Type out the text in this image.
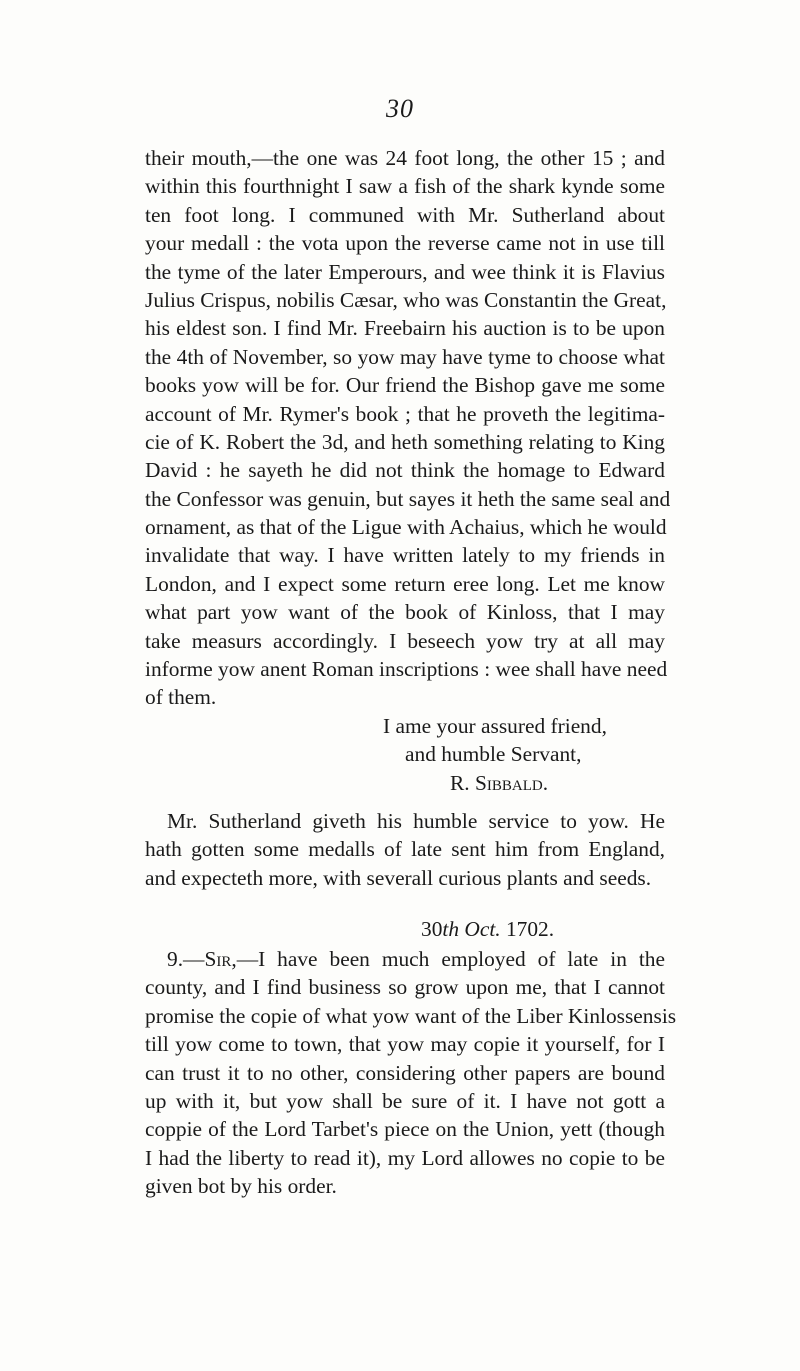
30
their mouth,—the one was 24 foot long, the other 15 ; and
within this fourthnight I saw a fish of the shark kynde some
ten foot long. I communed with Mr. Sutherland about
your medall : the vota upon the reverse came not in use till
the tyme of the later Emperours, and wee think it is Flavius
Julius Crispus, nobilis Cæsar, who was Constantin the Great,
his eldest son. I find Mr. Freebairn his auction is to be upon
the 4th of November, so yow may have tyme to choose what
books yow will be for. Our friend the Bishop gave me some
account of Mr. Rymer's book ; that he proveth the legitima-
cie of K. Robert the 3d, and heth something relating to King
David : he sayeth he did not think the homage to Edward
the Confessor was genuin, but sayes it heth the same seal and
ornament, as that of the Ligue with Achaius, which he would
invalidate that way. I have written lately to my friends in
London, and I expect some return eree long. Let me know
what part yow want of the book of Kinloss, that I may
take measurs accordingly. I beseech yow try at all may
informe yow anent Roman inscriptions : wee shall have need
of them.
I ame your assured friend,
and humble Servant,
R. Sibbald.
Mr. Sutherland giveth his humble service to yow. He
hath gotten some medalls of late sent him from England,
and expecteth more, with severall curious plants and seeds.
30th Oct. 1702.
9.—Sir,—I have been much employed of late in the
county, and I find business so grow upon me, that I cannot
promise the copie of what yow want of the Liber Kinlossensis
till yow come to town, that yow may copie it yourself, for I
can trust it to no other, considering other papers are bound
up with it, but yow shall be sure of it. I have not gott a
coppie of the Lord Tarbet's piece on the Union, yett (though
I had the liberty to read it), my Lord allowes no copie to be
given bot by his order.
